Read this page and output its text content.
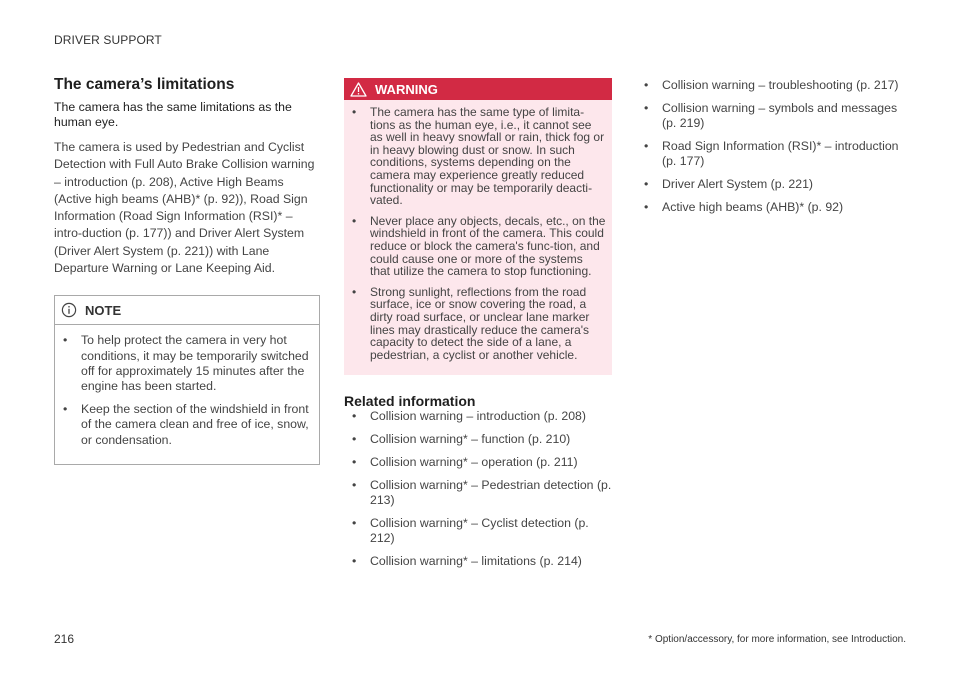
DRIVER SUPPORT
The camera’s limitations

The camera has the same limitations as the human eye.

The camera is used by Pedestrian and Cyclist Detection with Full Auto Brake Collision warning – introduction (p. 208), Active High Beams (Active high beams (AHB)* (p. 92)), Road Sign Information (Road Sign Information (RSI)* – intro-duction (p. 177)) and Driver Alert System (Driver Alert System (p. 221)) with Lane Departure Warning or Lane Keeping Aid.

NOTE
• To help protect the camera in very hot conditions, it may be temporarily switched off for approximately 15 minutes after the engine has been started.
• Keep the section of the windshield in front of the camera clean and free of ice, snow, or condensation.
WARNING
• The camera has the same type of limita-tions as the human eye, i.e., it cannot see as well in heavy snowfall or rain, thick fog or in heavy blowing dust or snow. In such conditions, systems depending on the camera may experience greatly reduced functionality or may be temporarily deacti-vated.
• Never place any objects, decals, etc., on the windshield in front of the camera. This could reduce or block the camera's func-tion, and could cause one or more of the systems that utilize the camera to stop functioning.
• Strong sunlight, reflections from the road surface, ice or snow covering the road, a dirty road surface, or unclear lane marker lines may drastically reduce the camera's capacity to detect the side of a lane, a pedestrian, a cyclist or another vehicle.
Related information
• Collision warning – introduction (p. 208)
• Collision warning* – function (p. 210)
• Collision warning* – operation (p. 211)
• Collision warning* – Pedestrian detection (p. 213)
• Collision warning* – Cyclist detection (p. 212)
• Collision warning* – limitations (p. 214)
• Collision warning – troubleshooting (p. 217)
• Collision warning – symbols and messages (p. 219)
• Road Sign Information (RSI)* – introduction (p. 177)
• Driver Alert System (p. 221)
• Active high beams (AHB)* (p. 92)
216	* Option/accessory, for more information, see Introduction.
